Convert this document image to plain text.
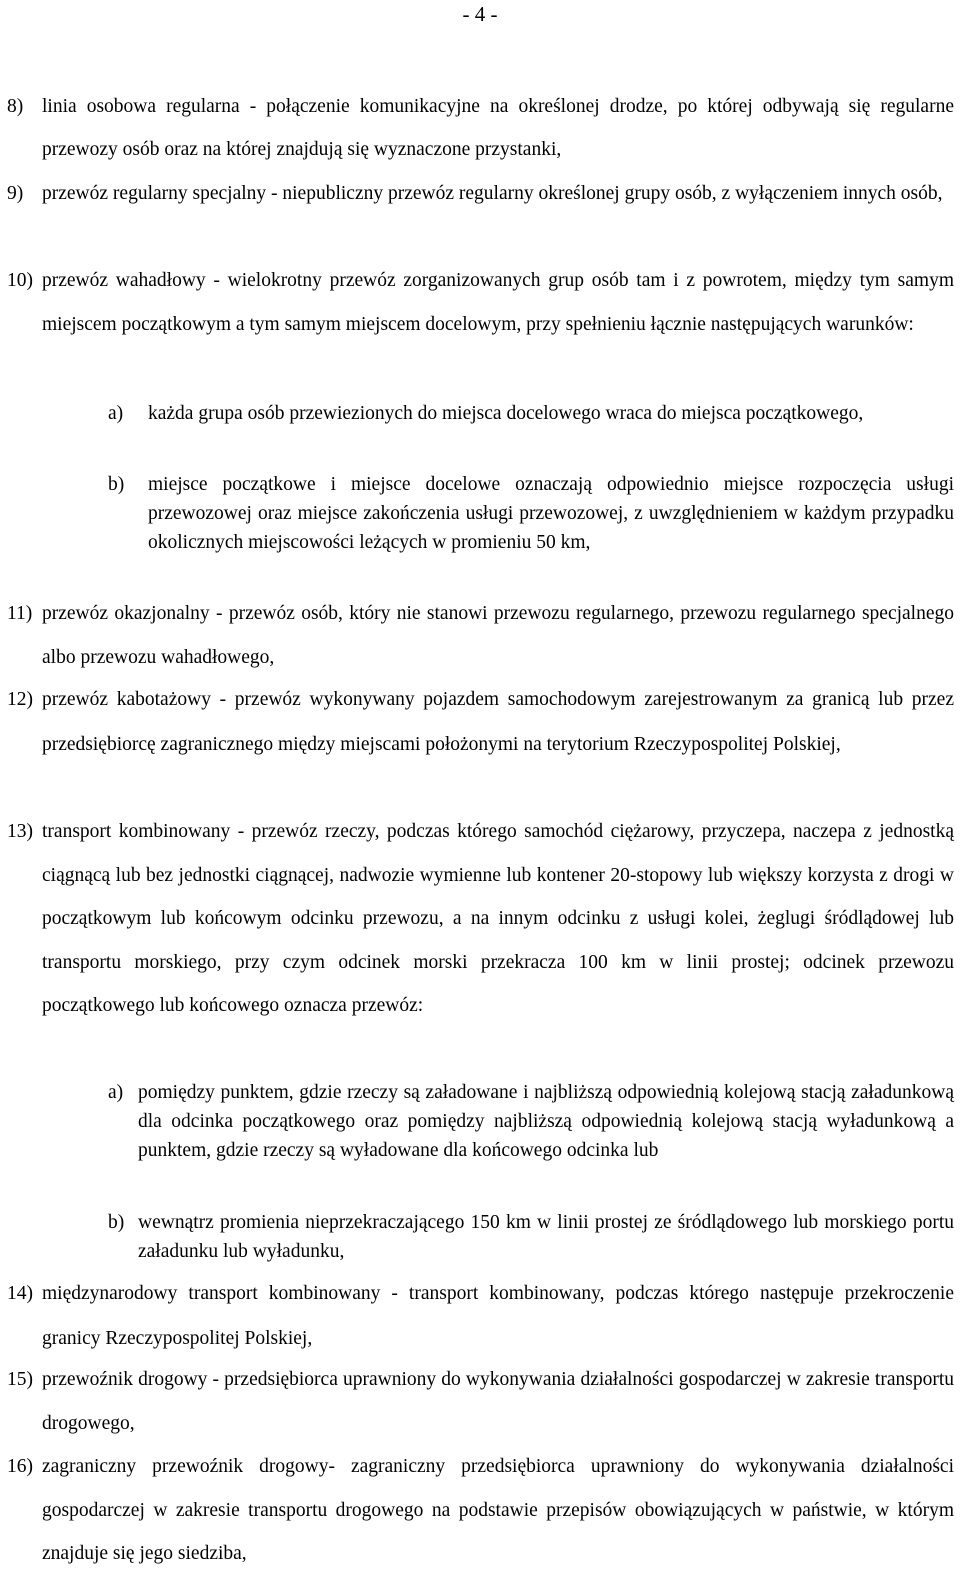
- 4 -
8) linia osobowa regularna - połączenie komunikacyjne na określonej drodze, po której odbywają się regularne przewozy osób oraz na której znajdują się wyznaczone przystanki,
9) przewóz regularny specjalny - niepubliczny przewóz regularny określonej grupy osób, z wyłączeniem innych osób,
10) przewóz wahadłowy - wielokrotny przewóz zorganizowanych grup osób tam i z powrotem, między tym samym miejscem początkowym a tym samym miejscem docelowym, przy spełnieniu łącznie następujących warunków:
a) każda grupa osób przewiezionych do miejsca docelowego wraca do miejsca początkowego,
b) miejsce początkowe i miejsce docelowe oznaczają odpowiednio miejsce rozpoczęcia usługi przewozowej oraz miejsce zakończenia usługi przewozowej, z uwzględnieniem w każdym przypadku okolicznych miejscowości leżących w promieniu 50 km,
11) przewóz okazjonalny - przewóz osób, który nie stanowi przewozu regularnego, przewozu regularnego specjalnego albo przewozu wahadłowego,
12) przewóz kabotażowy - przewóz wykonywany pojazdem samochodowym zarejestrowanym za granicą lub przez przedsiębiorcę zagranicznego między miejscami położonymi na terytorium Rzeczypospolitej Polskiej,
13) transport kombinowany - przewóz rzeczy, podczas którego samochód ciężarowy, przyczepa, naczepa z jednostką ciągnącą lub bez jednostki ciągnącej, nadwozie wymienne lub kontener 20-stopowy lub większy korzysta z drogi w początkowym lub końcowym odcinku przewozu, a na innym odcinku z usługi kolei, żeglugi śródlądowej lub transportu morskiego, przy czym odcinek morski przekracza 100 km w linii prostej; odcinek przewozu początkowego lub końcowego oznacza przewóz:
a) pomiędzy punktem, gdzie rzeczy są załadowane i najbliższą odpowiednią kolejową stacją załadunkową dla odcinka początkowego oraz pomiędzy najbliższą odpowiednią kolejową stacją wyładunkową a punktem, gdzie rzeczy są wyładowane dla końcowego odcinka lub
b) wewnątrz promienia nieprzekraczającego 150 km w linii prostej ze śródlądowego lub morskiego portu załadunku lub wyładunku,
14) międzynarodowy transport kombinowany - transport kombinowany, podczas którego następuje przekroczenie granicy Rzeczypospolitej Polskiej,
15) przewoźnik drogowy - przedsiębiorca uprawniony do wykonywania działalności gospodarczej w zakresie transportu drogowego,
16) zagraniczny przewoźnik drogowy- zagraniczny przedsiębiorca uprawniony do wykonywania działalności gospodarczej w zakresie transportu drogowego na podstawie przepisów obowiązujących w państwie, w którym znajduje się jego siedziba,
